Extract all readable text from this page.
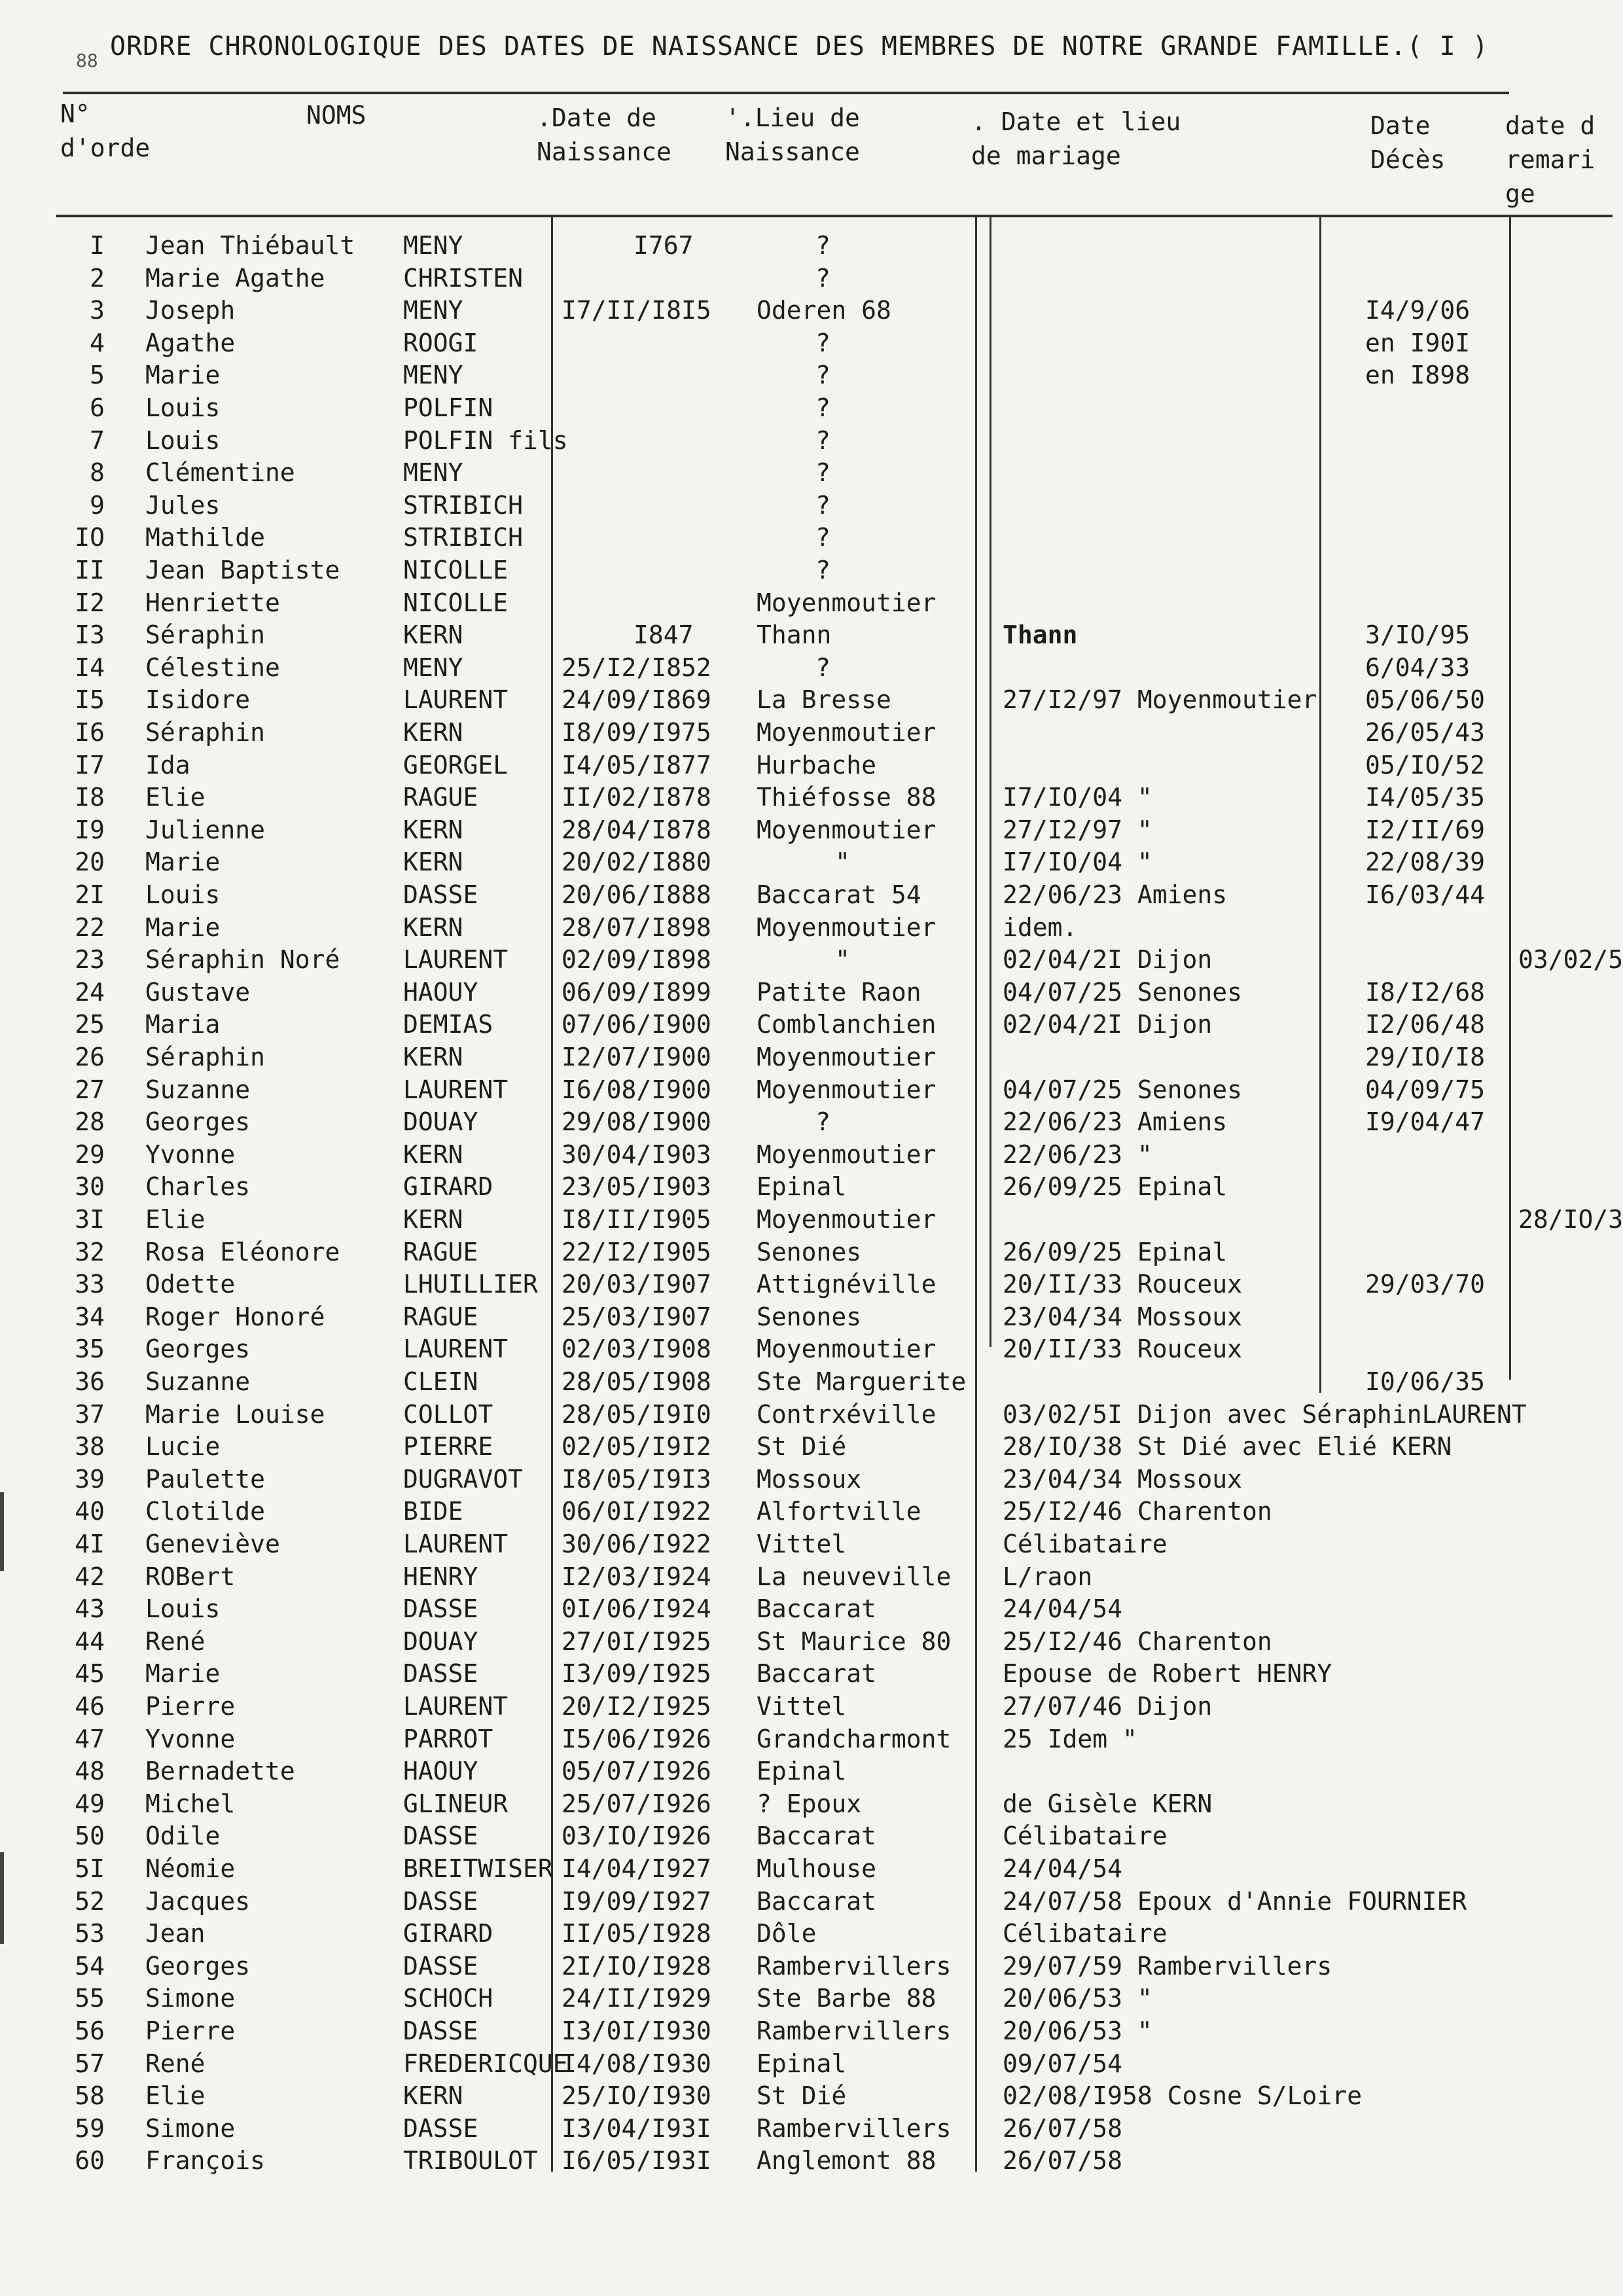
88 ORDRE CHRONOLOGIQUE DES DATES DE NAISSANCE DES MEMBRES DE NOTRE GRANDE FAMILLE.( I )
N°
d'orde
NOMS	.Date de
Naissance
'.Lieu de
Naissance
. Date et lieu
de mariage
Date
Décès
date d
remari
ge
I Jean Thiébault MENY	I767	?
2 Marie Agathe	CHRISTEN	?
3 Joseph	MENY	I7/II/I8I5 Oderen 68	I4/9/06
4 Agathe	ROOGI	?	en I90I
5 Marie	MENY	?	en I898
6 Louis	POLFIN	?
7 Louis	POLFIN fils	?
8 Clémentine	MENY	?
9 Jules	STRIBICH	?
IO Mathilde	STRIBICH	?
II Jean Baptiste	NICOLLE	?
I2 Henriette	NICOLLE	Moyenmoutier
I3 Séraphin	KERN	I847	Thann	Thann	3/IO/95
I4 Célestine	MENY	25/I2/I852	?	6/04/33
I5 Isidore	LAURENT 24/09/I869 La Bresse	27/I2/97 Moyenmoutier 05/06/50
I6 Séraphin	KERN	I8/09/I975 Moyenmoutier	26/05/43
I7 Ida	GEORGEL I4/05/I877 Hurbache	05/IO/52
I8 Elie	RAGUE	II/02/I878 Thiéfosse 88	I7/IO/04 "	I4/05/35
I9 Julienne	KERN	28/04/I878 Moyenmoutier	27/I2/97 "	I2/II/69
20 Marie	KERN	20/02/I880	"	I7/IO/04 "	22/08/39
2I Louis	DASSE	20/06/I888 Baccarat 54	22/06/23 Amiens	I6/03/44
22 Marie	KERN	28/07/I898 Moyenmoutier	idem.
23 Séraphin Noré	LAURENT 02/09/I898	"	02/04/2I Dijon	03/02/5
24 Gustave	HAOUY	06/09/I899 Patite Raon	04/07/25 Senones	I8/I2/68
25 Maria	DEMIAS	07/06/I900 Comblanchien	02/04/2I Dijon	I2/06/48
26 Séraphin	KERN	I2/07/I900 Moyenmoutier	29/IO/I8
27 Suzanne	LAURENT I6/08/I900 Moyenmoutier	04/07/25 Senones	04/09/75
28 Georges	DOUAY	29/08/I900	?	22/06/23 Amiens	I9/04/47
29 Yvonne	KERN	30/04/I903 Moyenmoutier	22/06/23 "
30 Charles	GIRARD	23/05/I903 Epinal	26/09/25 Epinal
3I Elie	KERN	I8/II/I905 Moyenmoutier	28/IO/3
32 Rosa Eléonore	RAGUE	22/I2/I905 Senones	26/09/25 Epinal
33 Odette	LHUILLIER 20/03/I907 Attignéville	20/II/33 Rouceux	29/03/70
34 Roger Honoré	RAGUE	25/03/I907 Senones	23/04/34 Mossoux
35 Georges	LAURENT 02/03/I908 Moyenmoutier	20/II/33 Rouceux
36 Suzanne	CLEIN	28/05/I908 Ste Marguerite	I0/06/35
37 Marie Louise	COLLOT	28/05/I9I0 Contrxéville	03/02/5I Dijon avec SéraphinLAURENT
38 Lucie	PIERRE	02/05/I9I2 St Dié	28/IO/38 St Dié avec Elié KERN
39 Paulette	DUGRAVOT I8/05/I9I3 Mossoux	23/04/34 Mossoux
40 Clotilde	BIDE	06/0I/I922 Alfortville	25/I2/46 Charenton
4I Geneviève	LAURENT 30/06/I922 Vittel	Célibataire
42 ROBert	HENRY	I2/03/I924 La neuveville L/raon
43 Louis	DASSE	0I/06/I924 Baccarat	24/04/54
44 René	DOUAY	27/0I/I925 St Maurice 80 25/I2/46 Charenton
45 Marie	DASSE	I3/09/I925 Baccarat	Epouse de Robert HENRY
46 Pierre	LAURENT 20/I2/I925 Vittel	27/07/46 Dijon
47 Yvonne	PARROT	I5/06/I926 Grandcharmont 25 Idem "
48 Bernadette	HAOUY	05/07/I926 Epinal
49 Michel	GLINEUR 25/07/I926 ? Epoux	de Gisèle KERN
50 Odile	DASSE	03/IO/I926 Baccarat	Célibataire
5I Néomie	BREITWISER I4/04/I927 Mulhouse	24/04/54
52 Jacques	DASSE	I9/09/I927 Baccarat	24/07/58 Epoux d'Annie FOURNIER
53 Jean	GIRARD	II/05/I928 Dôle	Célibataire
54 Georges	DASSE	2I/IO/I928 Rambervillers 29/07/59 Rambervillers
55 Simone	SCHOCH	24/II/I929 Ste Barbe 88	20/06/53 "
56 Pierre	DASSE	I3/0I/I930 Rambervillers 20/06/53 "
57 René	FREDERICQUE
I4/08/I930 Epinal	09/07/54
58 Elie	KERN	25/IO/I930 St Dié	02/08/I958 Cosne S/Loire
59 Simone	DASSE	I3/04/I93I Rambervillers 26/07/58
60 François	TRIBOULOT I6/05/I93I Anglemont 88	26/07/58
